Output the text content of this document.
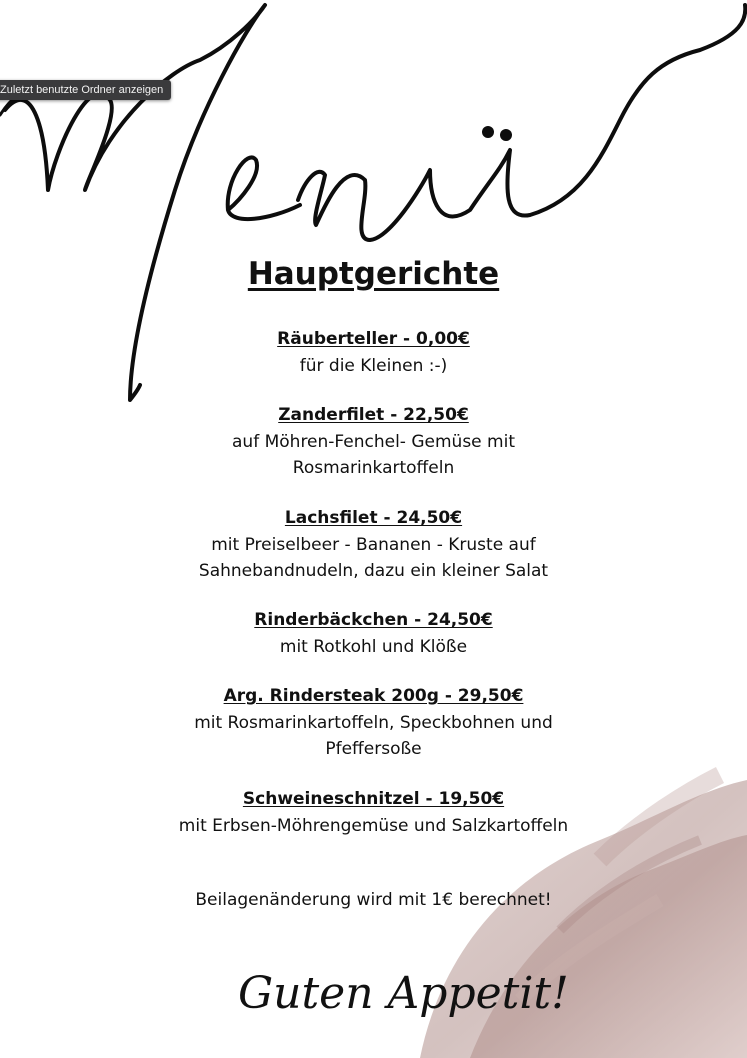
Zuletzt benutzte Ordner anzeigen
Hauptgerichte
Räuberteller - 0,00€
für die Kleinen :-)
Zanderfilet - 22,50€
auf Möhren-Fenchel- Gemüse mit Rosmarinkartoffeln
Lachsfilet - 24,50€
mit Preiselbeer - Bananen - Kruste auf Sahnebandnudeln, dazu ein kleiner Salat
Rinderbäckchen - 24,50€
mit Rotkohl und Klöße
Arg. Rindersteak 200g - 29,50€
mit Rosmarinkartoffeln, Speckbohnen und Pfeffersoße
Schweineschnitzel - 19,50€
mit Erbsen-Möhrengemüse und Salzkartoffeln
Beilagenänderung wird mit 1€ berechnet!
Guten Appetit!
